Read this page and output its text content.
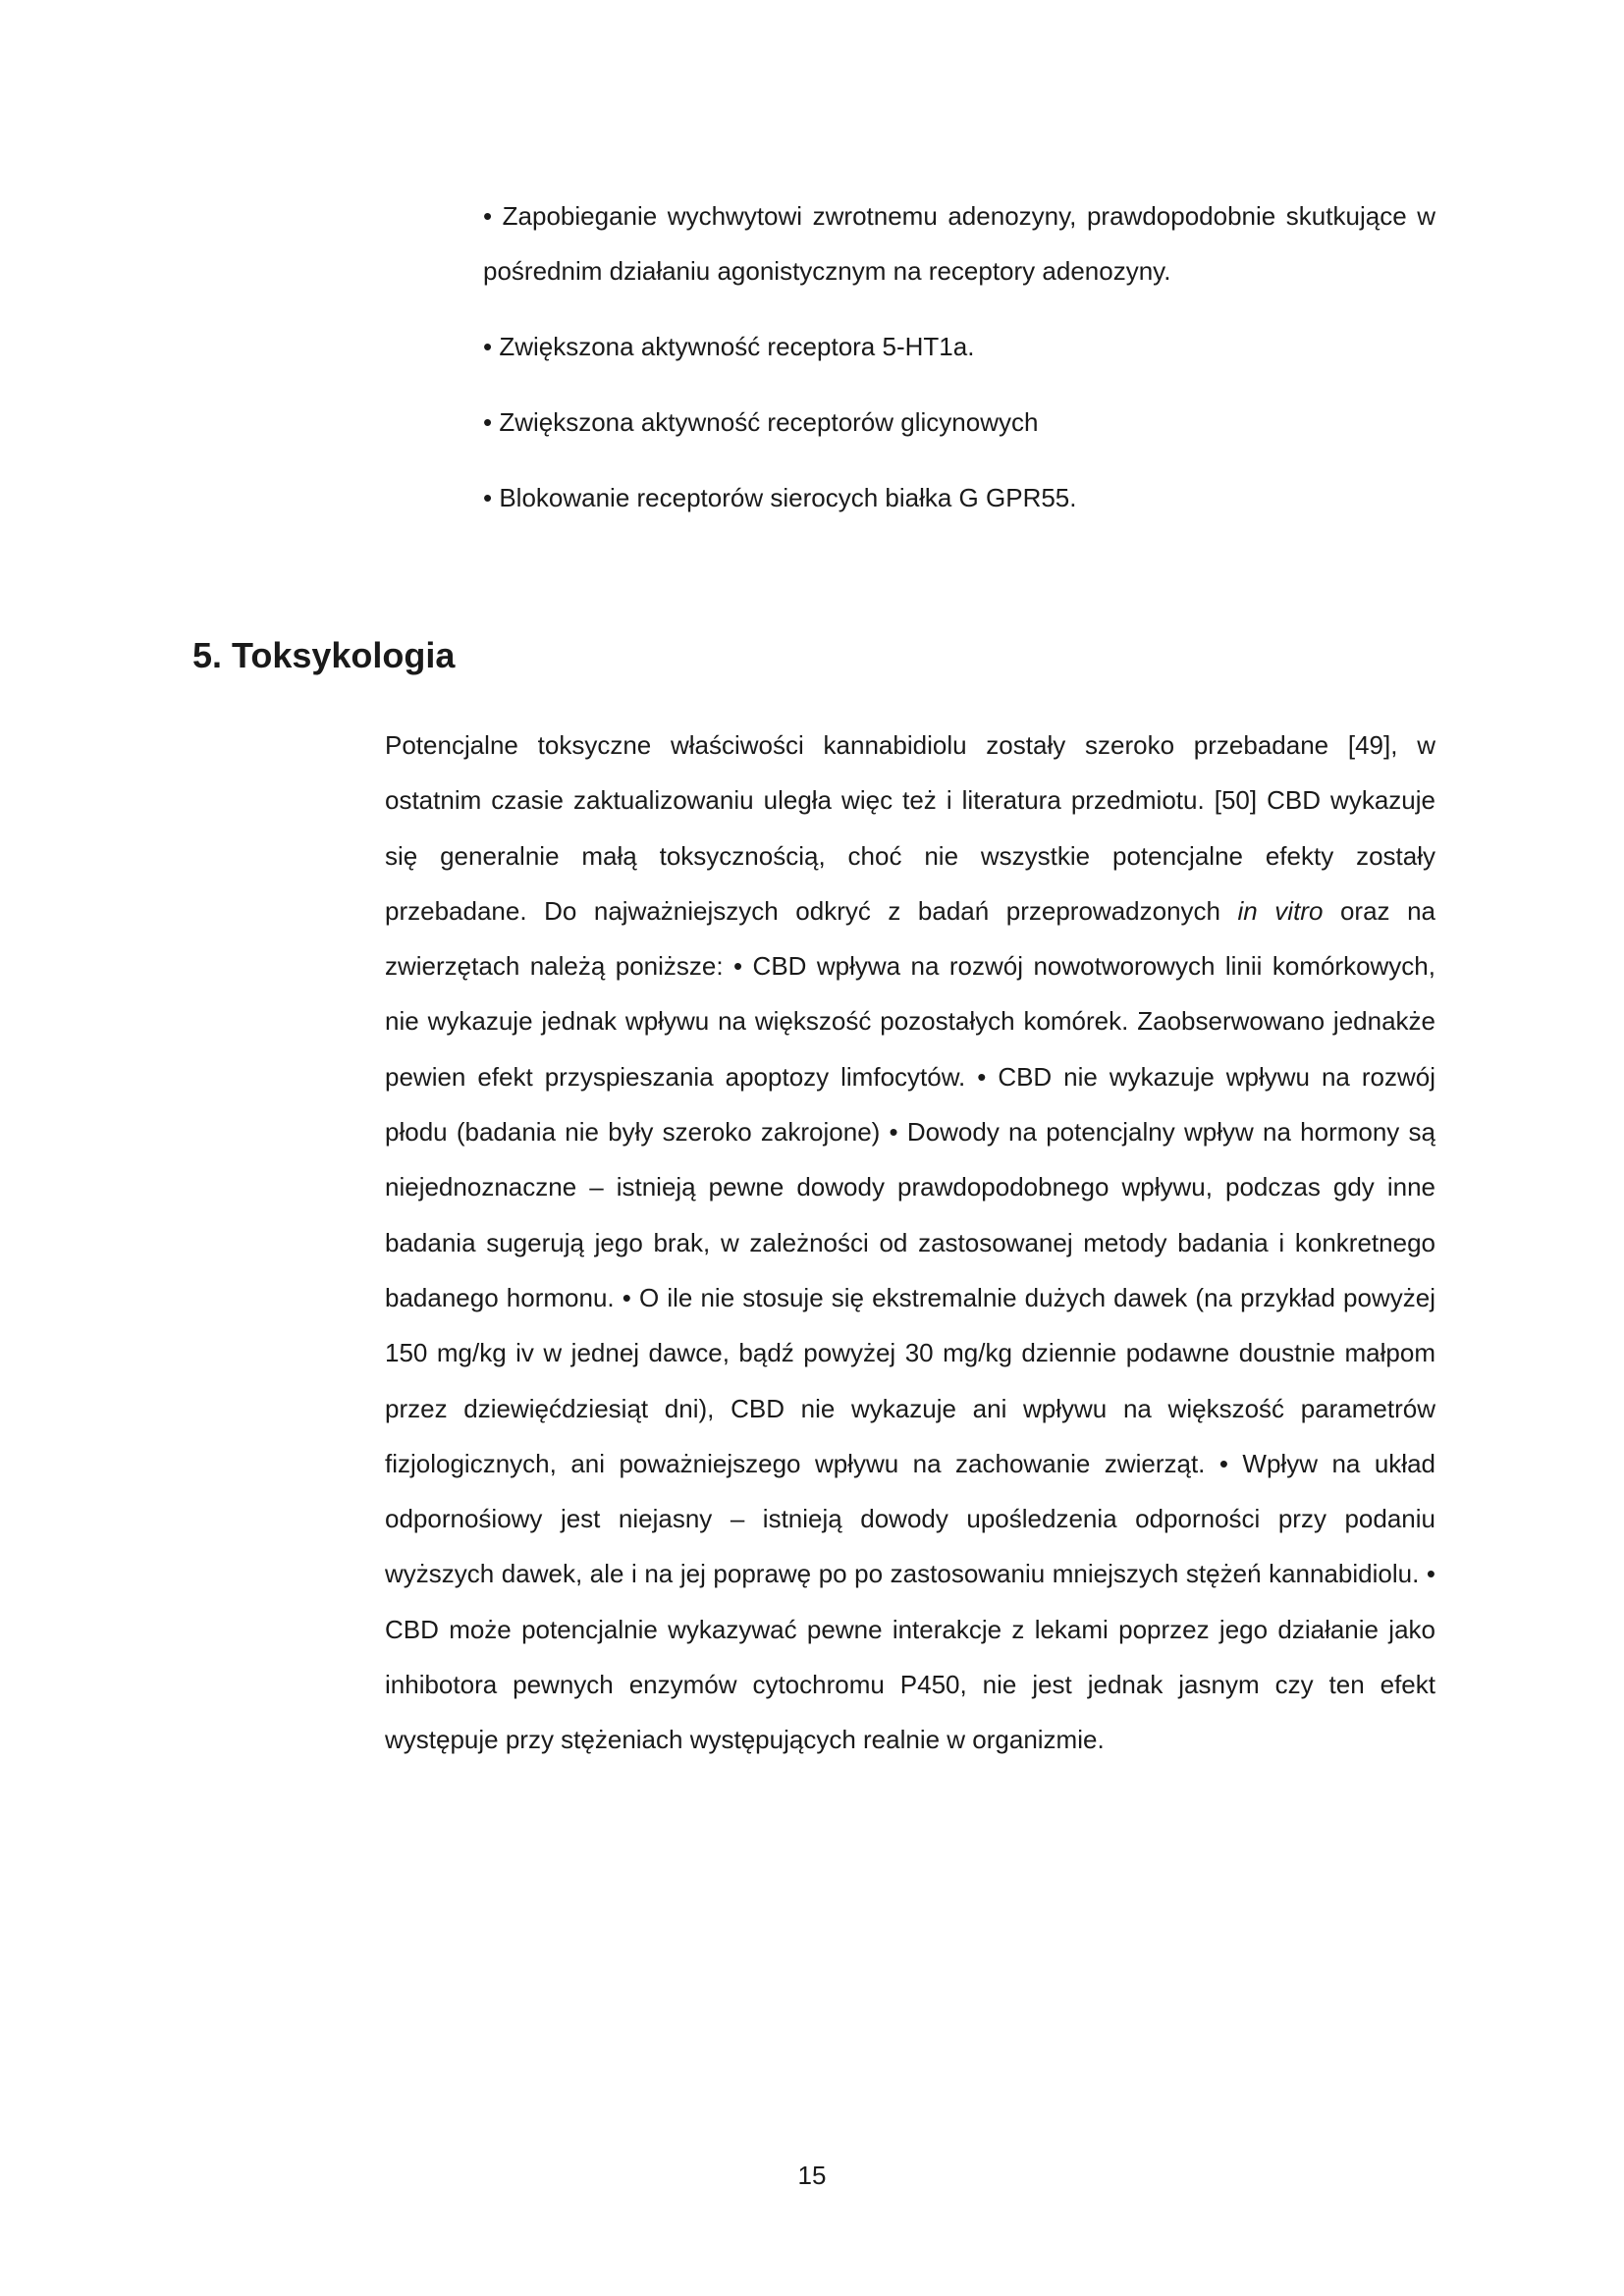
• Zapobieganie wychwytowi zwrotnemu adenozyny, prawdopodobnie skutkujące w pośrednim działaniu agonistycznym na receptory adenozyny.

• Zwiększona aktywność receptora 5-HT1a.

• Zwiększona aktywność receptorów glicynowych

• Blokowanie receptorów sierocych białka G GPR55.

5. Toksykologia

Potencjalne toksyczne właściwości kannabidiolu zostały szeroko przebadane [49], w ostatnim czasie zaktualizowaniu uległa więc też i literatura przedmiotu. [50] CBD wykazuje się generalnie małą toksycznością, choć nie wszystkie potencjalne efekty zostały przebadane. Do najważniejszych odkryć z badań przeprowadzonych in vitro oraz na zwierzętach należą poniższe: • CBD wpływa na rozwój nowotworowych linii komórkowych, nie wykazuje jednak wpływu na większość pozostałych komórek. Zaobserwowano jednakże pewien efekt przyspieszania apoptozy limfocytów. • CBD nie wykazuje wpływu na rozwój płodu (badania nie były szeroko zakrojone) • Dowody na potencjalny wpływ na hormony są niejednoznaczne – istnieją pewne dowody prawdopodobnego wpływu, podczas gdy inne badania sugerują jego brak, w zależności od zastosowanej metody badania i konkretnego badanego hormonu. • O ile nie stosuje się ekstremalnie dużych dawek (na przykład powyżej 150 mg/kg iv w jednej dawce, bądź powyżej 30 mg/kg dziennie podawne doustnie małpom przez dziewięćdziesiąt dni), CBD nie wykazuje ani wpływu na większość parametrów fizjologicznych, ani poważniejszego wpływu na zachowanie zwierząt. • Wpływ na układ odpornośiowy jest niejasny – istnieją dowody upośledzenia odporności przy podaniu wyższych dawek, ale i na jej poprawę po po zastosowaniu mniejszych stężeń kannabidiolu. • CBD może potencjalnie wykazywać pewne interakcje z lekami poprzez jego działanie jako inhibotora pewnych enzymów cytochromu P450, nie jest jednak jasnym czy ten efekt występuje przy stężeniach występujących realnie w organizmie.

15
